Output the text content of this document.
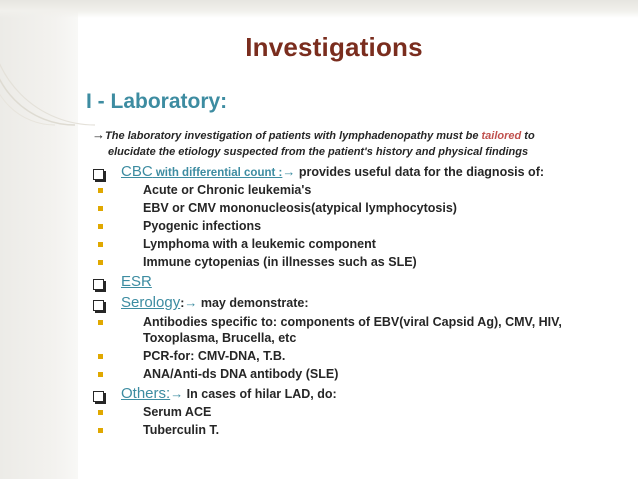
Investigations
I - Laboratory:
→The laboratory investigation of patients with lymphadenopathy must be tailored to
elucidate the etiology suspected from the patient's history and physical findings
CBC with differential count :→ provides useful data for the diagnosis of:
Acute or Chronic leukemia's
EBV or CMV mononucleosis(atypical lymphocytosis)
Pyogenic infections
Lymphoma with a leukemic component
Immune cytopenias (in illnesses such as SLE)
ESR
Serology:→ may demonstrate:
Antibodies specific to: components of EBV(viral Capsid Ag), CMV, HIV, Toxoplasma, Brucella, etc
PCR-for: CMV-DNA, T.B.
ANA/Anti-ds DNA antibody (SLE)
Others:→ In cases of hilar LAD, do:
Serum ACE
Tuberculin T.
